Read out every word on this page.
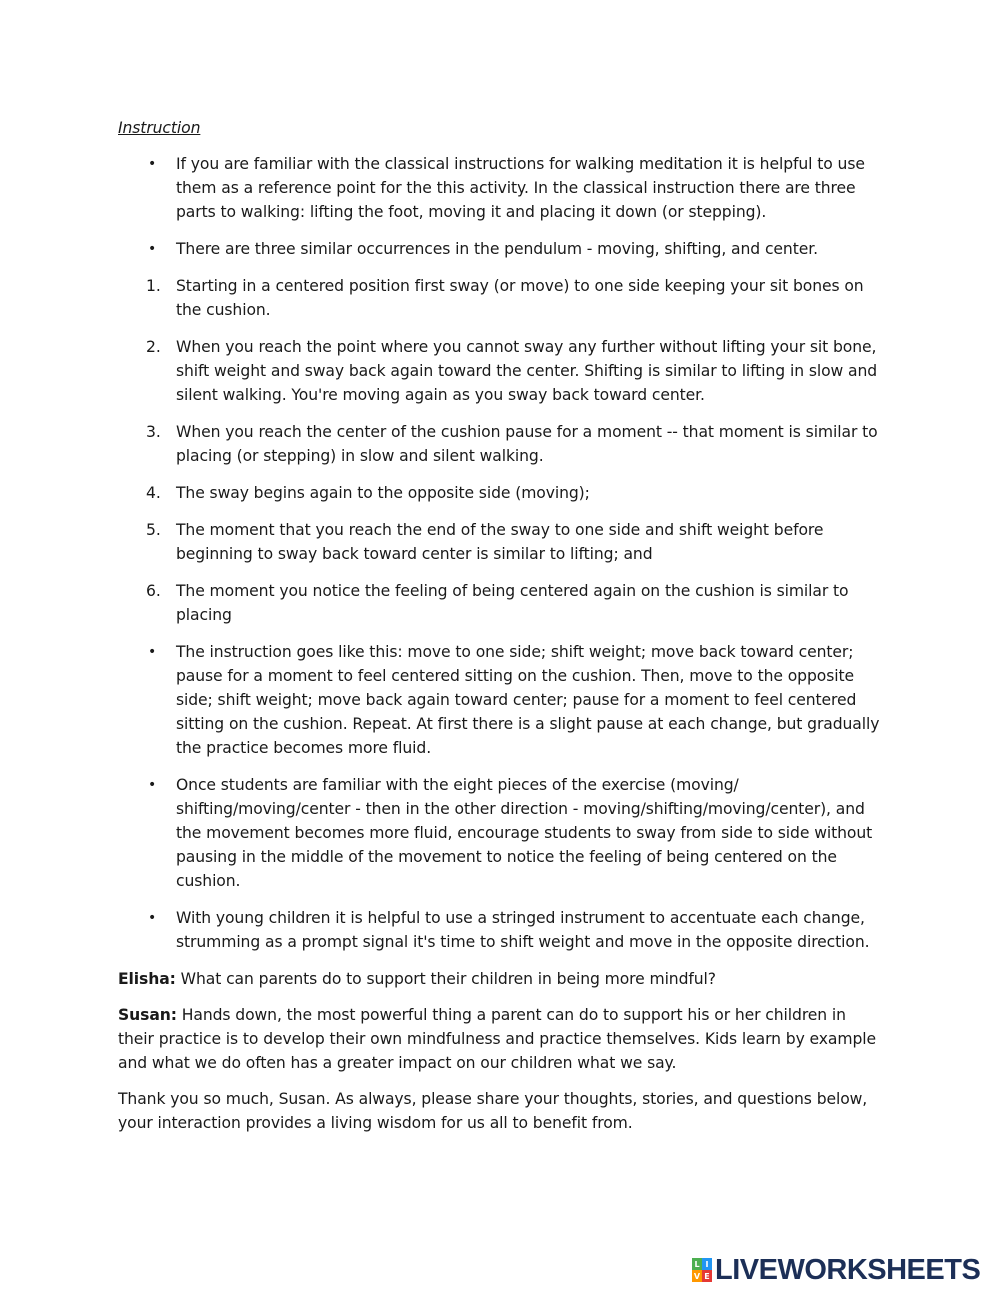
Instruction
• If you are familiar with the classical instructions for walking meditation it is helpful to use them as a reference point for the this activity. In the classical instruction there are three parts to walking: lifting the foot, moving it and placing it down (or stepping).
• There are three similar occurrences in the pendulum - moving, shifting, and center.
1. Starting in a centered position first sway (or move) to one side keeping your sit bones on the cushion.
2. When you reach the point where you cannot sway any further without lifting your sit bone, shift weight and sway back again toward the center. Shifting is similar to lifting in slow and silent walking. You're moving again as you sway back toward center.
3. When you reach the center of the cushion pause for a moment -- that moment is similar to placing (or stepping) in slow and silent walking.
4. The sway begins again to the opposite side (moving);
5. The moment that you reach the end of the sway to one side and shift weight before beginning to sway back toward center is similar to lifting; and
6. The moment you notice the feeling of being centered again on the cushion is similar to placing
• The instruction goes like this: move to one side; shift weight; move back toward center; pause for a moment to feel centered sitting on the cushion. Then, move to the opposite side; shift weight; move back again toward center; pause for a moment to feel centered sitting on the cushion. Repeat. At first there is a slight pause at each change, but gradually the practice becomes more fluid.
• Once students are familiar with the eight pieces of the exercise (moving/ shifting/moving/center - then in the other direction - moving/shifting/moving/center), and the movement becomes more fluid, encourage students to sway from side to side without pausing in the middle of the movement to notice the feeling of being centered on the cushion.
• With young children it is helpful to use a stringed instrument to accentuate each change, strumming as a prompt signal it's time to shift weight and move in the opposite direction.

Elisha: What can parents do to support their children in being more mindful?

Susan: Hands down, the most powerful thing a parent can do to support his or her children in their practice is to develop their own mindfulness and practice themselves. Kids learn by example and what we do often has a greater impact on our children what we say.

Thank you so much, Susan. As always, please share your thoughts, stories, and questions below, your interaction provides a living wisdom for us all to benefit from.

L I
V E LIVEWORKSHEETS
